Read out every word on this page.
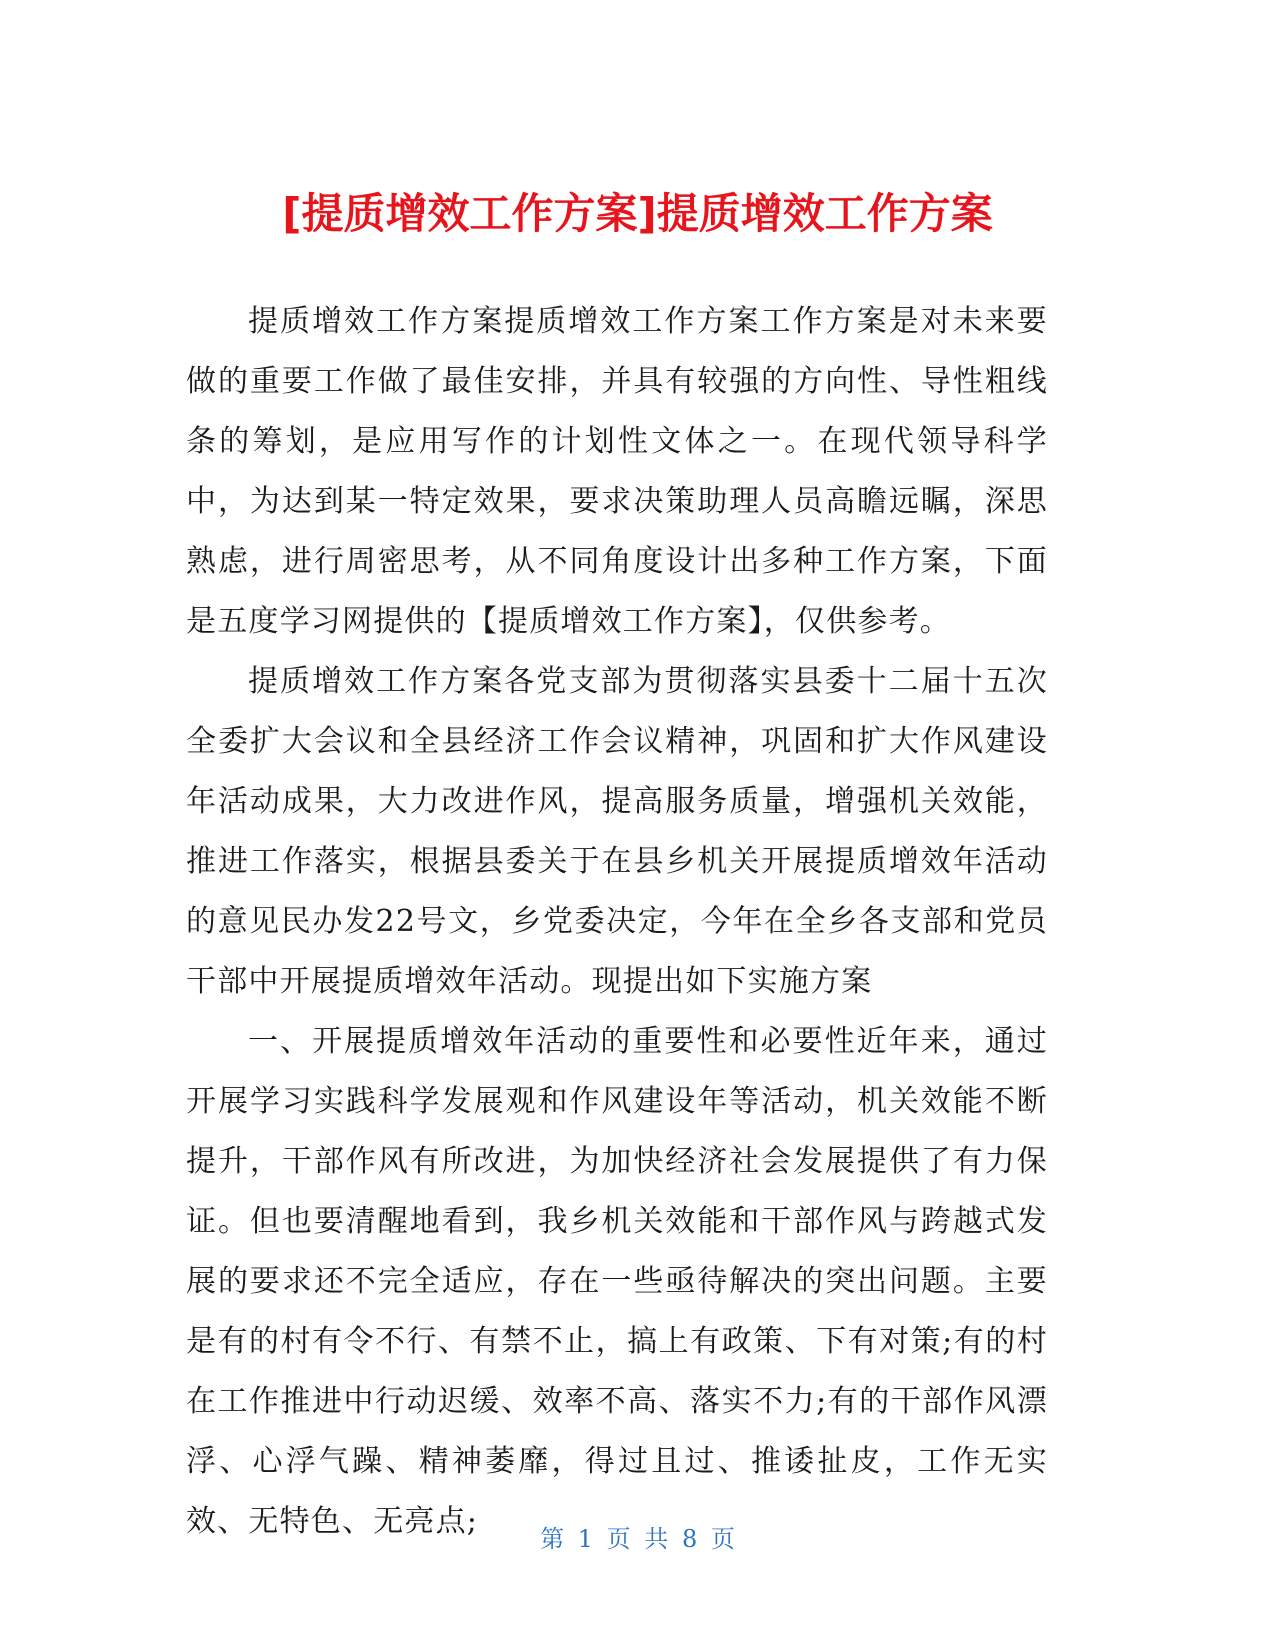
[提质增效工作方案]提质增效工作方案

提质增效工作方案提质增效工作方案工作方案是对未来要做的重要工作做了最佳安排，并具有较强的方向性、导性粗线条的筹划，是应用写作的计划性文体之一。在现代领导科学中，为达到某一特定效果，要求决策助理人员高瞻远瞩，深思熟虑，进行周密思考，从不同角度设计出多种工作方案，下面是五度学习网提供的【提质增效工作方案】，仅供参考。

提质增效工作方案各党支部为贯彻落实县委十二届十五次全委扩大会议和全县经济工作会议精神，巩固和扩大作风建设年活动成果，大力改进作风，提高服务质量，增强机关效能，推进工作落实，根据县委关于在县乡机关开展提质增效年活动的意见民办发22号文，乡党委决定，今年在全乡各支部和党员干部中开展提质增效年活动。现提出如下实施方案

一、开展提质增效年活动的重要性和必要性近年来，通过开展学习实践科学发展观和作风建设年等活动，机关效能不断提升，干部作风有所改进，为加快经济社会发展提供了有力保证。但也要清醒地看到，我乡机关效能和干部作风与跨越式发展的要求还不完全适应，存在一些亟待解决的突出问题。主要是有的村有令不行、有禁不止，搞上有政策、下有对策;有的村在工作推进中行动迟缓、效率不高、落实不力;有的干部作风漂浮、心浮气躁、精神萎靡，得过且过、推诿扯皮，工作无实效、无特色、无亮点;	第 1 页 共 8 页
